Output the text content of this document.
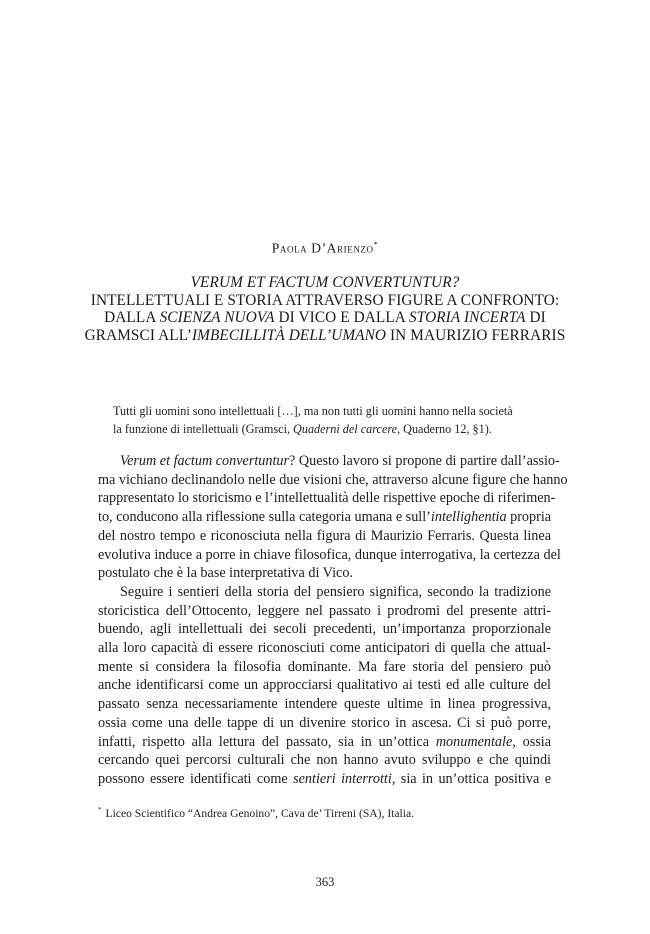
Paola D’Arienzo*
VERUM ET FACTUM CONVERTUNTUR?
INTELLETTUALI E STORIA ATTRAVERSO FIGURE A CONFRONTO:
DALLA SCIENZA NUOVA DI VICO E DALLA STORIA INCERTA DI
GRAMSCI ALL’IMBECILLITÀ DELL’UMANO IN MAURIZIO FERRARIS
Tutti gli uomini sono intellettuali […], ma non tutti gli uomini hanno nella società
la funzione di intellettuali (Gramsci, Quaderni del carcere, Quaderno 12, §1).
Verum et factum convertuntur? Questo lavoro si propone di partire dall’assio-
ma vichiano declinandolo nelle due visioni che, attraverso alcune figure che hanno
rappresentato lo storicismo e l’intellettualità delle rispettive epoche di riferimen-
to, conducono alla riflessione sulla categoria umana e sull’intellighentia propria
del nostro tempo e riconosciuta nella figura di Maurizio Ferraris. Questa linea
evolutiva induce a porre in chiave filosofica, dunque interrogativa, la certezza del
postulato che è la base interpretativa di Vico.
Seguire i sentieri della storia del pensiero significa, secondo la tradizione
storicistica dell’Ottocento, leggere nel passato i prodromi del presente attri-
buendo, agli intellettuali dei secoli precedenti, un’importanza proporzionale
alla loro capacità di essere riconosciuti come anticipatori di quella che attual-
mente si considera la filosofia dominante. Ma fare storia del pensiero può
anche identificarsi come un approcciarsi qualitativo ai testi ed alle culture del
passato senza necessariamente intendere queste ultime in linea progressiva,
ossia come una delle tappe di un divenire storico in ascesa. Ci si può porre,
infatti, rispetto alla lettura del passato, sia in un’ottica monumentale, ossia
cercando quei percorsi culturali che non hanno avuto sviluppo e che quindi
possono essere identificati come sentieri interrotti, sia in un’ottica positiva e
* Liceo Scientifico “Andrea Genoino”, Cava de’ Tirreni (SA), Italia.
363
